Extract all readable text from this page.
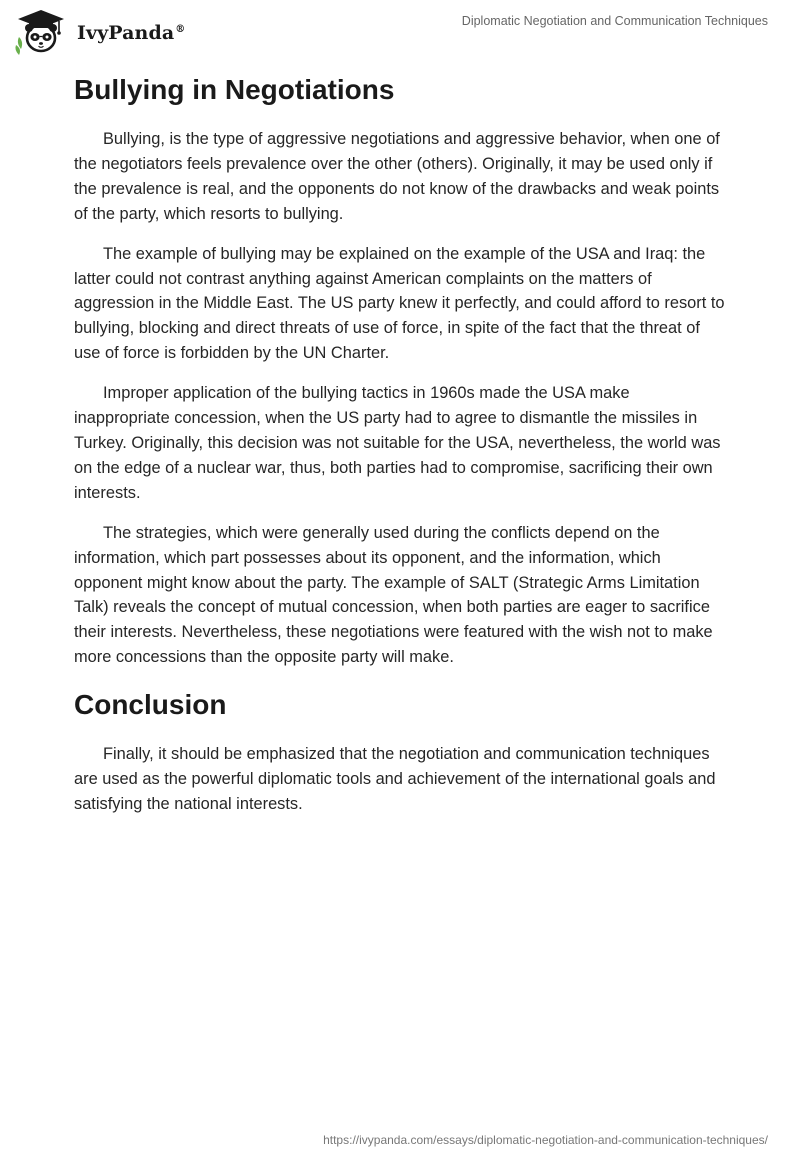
IvyPanda®
Diplomatic Negotiation and Communication Techniques
Bullying in Negotiations

Bullying, is the type of aggressive negotiations and aggressive behavior, when one of the negotiators feels prevalence over the other (others). Originally, it may be used only if the prevalence is real, and the opponents do not know of the drawbacks and weak points of the party, which resorts to bullying.

The example of bullying may be explained on the example of the USA and Iraq: the latter could not contrast anything against American complaints on the matters of aggression in the Middle East. The US party knew it perfectly, and could afford to resort to bullying, blocking and direct threats of use of force, in spite of the fact that the threat of use of force is forbidden by the UN Charter.

Improper application of the bullying tactics in 1960s made the USA make inappropriate concession, when the US party had to agree to dismantle the missiles in Turkey. Originally, this decision was not suitable for the USA, nevertheless, the world was on the edge of a nuclear war, thus, both parties had to compromise, sacrificing their own interests.

The strategies, which were generally used during the conflicts depend on the information, which part possesses about its opponent, and the information, which opponent might know about the party. The example of SALT (Strategic Arms Limitation Talk) reveals the concept of mutual concession, when both parties are eager to sacrifice their interests. Nevertheless, these negotiations were featured with the wish not to make more concessions than the opposite party will make.

Conclusion

Finally, it should be emphasized that the negotiation and communication techniques are used as the powerful diplomatic tools and achievement of the international goals and satisfying the national interests.

https://ivypanda.com/essays/diplomatic-negotiation-and-communication-techniques/
